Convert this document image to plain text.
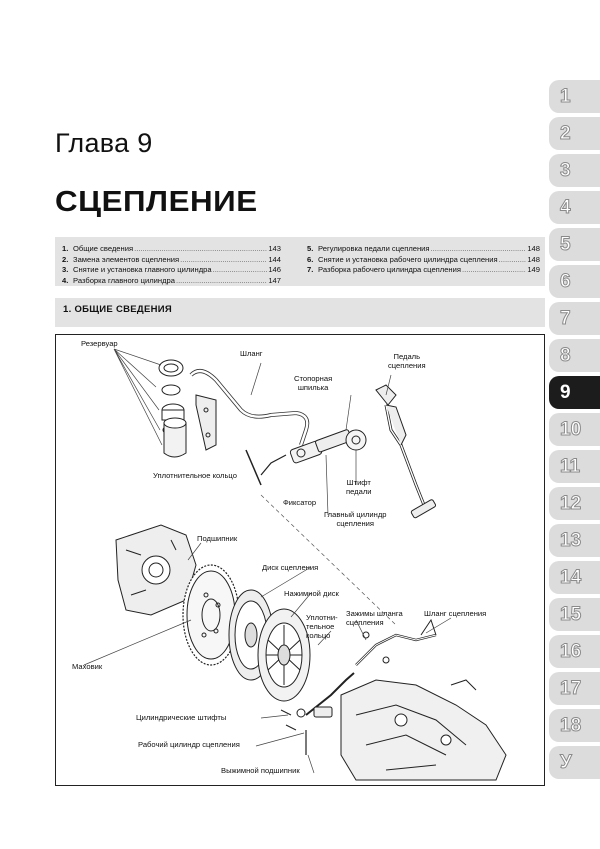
Глава 9
СЦЕПЛЕНИЕ
1. Общие сведения .....	143
2. Замена элементов сцепления .....	144
3. Снятие и установка главного цилиндра .....	146
4. Разборка главного цилиндра .....	147
5. Регулировка педали сцепления .....	148
6. Снятие и установка рабочего цилиндра сцепления .....	148
7. Разборка рабочего цилиндра сцепления .....	149
1. ОБЩИЕ СВЕДЕНИЯ
Резервуар
Шланг
Стопорная
шпилька
Педаль
сцепления
Уплотнительное кольцо
Фиксатор
Штифт
педали
Главный цилиндр
сцепления
Подшипник
Диск сцепления
Нажимной диск
Уплотни-
тельное
кольцо
Зажимы шланга
сцепления
Шланг сцепления
Маховик
Цилиндрические штифты
Рабочий цилиндр сцепления
Выжимной подшипник
1
2
3
4
5
6
7
8
9
10
11
12
13
14
15
16
17
18
У
